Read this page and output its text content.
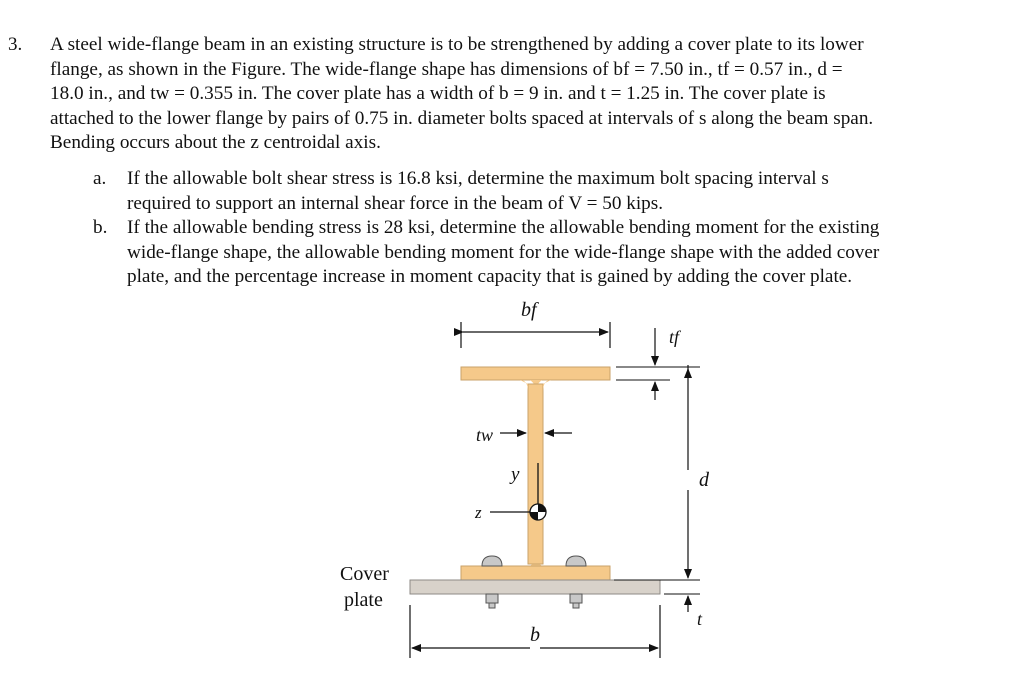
3. A steel wide-flange beam in an existing structure is to be strengthened by adding a cover plate to its lower
flange, as shown in the Figure. The wide-flange shape has dimensions of bf = 7.50 in., tf = 0.57 in., d =
18.0 in., and tw = 0.355 in. The cover plate has a width of b = 9 in. and t = 1.25 in. The cover plate is
attached to the lower flange by pairs of 0.75 in. diameter bolts spaced at intervals of s along the beam span.
Bending occurs about the z centroidal axis.
a. If the allowable bolt shear stress is 16.8 ksi, determine the maximum bolt spacing interval s
required to support an internal shear force in the beam of V = 50 kips.
b. If the allowable bending stress is 28 ksi, determine the allowable bending moment for the existing
wide-flange shape, the allowable bending moment for the wide-flange shape with the added cover
plate, and the percentage increase in moment capacity that is gained by adding the cover plate.
bf
y
z
tw
tf
d
t
b
Cover
plate
